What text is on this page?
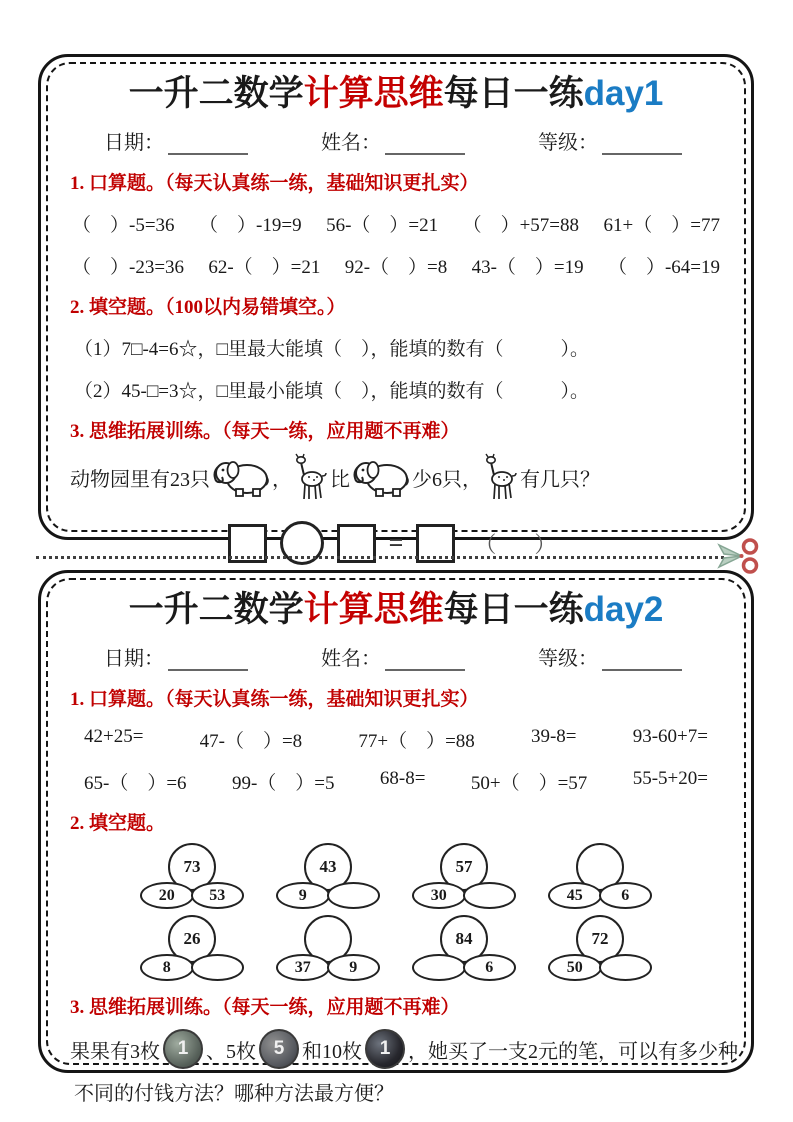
一升二数学计算思维每日一练day1
日期：	姓名：	等级：
1. 口算题。（每天认真练一练，基础知识更扎实）
（　）-5=36 （　）-19=9 56-（　）=21 （　）+57=88 61+（　）=77
（　）-23=36 62-（　）=21 92-（　）=8 43-（　）=19 （　）-64=19
2. 填空题。（100以内易错填空。）
（1）7□-4=6☆，□里最大能填（　），能填的数有（　　　）。
（2）45-□=3☆，□里最小能填（　），能填的数有（　　　）。
3. 思维拓展训练。（每天一练，应用题不再难）
动物园里有23只	， 比	少6只， 有几只？
=	（　）
一升二数学计算思维每日一练day2
日期：	姓名：	等级：
1. 口算题。（每天认真练一练，基础知识更扎实）
42+25=	47-（　）=8	77+（　）=88	39-8=	93-60+7=
65-（　）=6 99-（　）=5 68-8= 50+（　）=57 55-5+20=
2. 填空题。
73
20	53
43
9
57
30	45	6
26
8	37	9
84
6
72
50
3. 思维拓展训练。（每天一练，应用题不再难）
果果有3枚 1 、5枚 5 和10枚 1 ，她买了一支2元的笔，可以有多少种
不同的付钱方法？哪种方法最方便？
